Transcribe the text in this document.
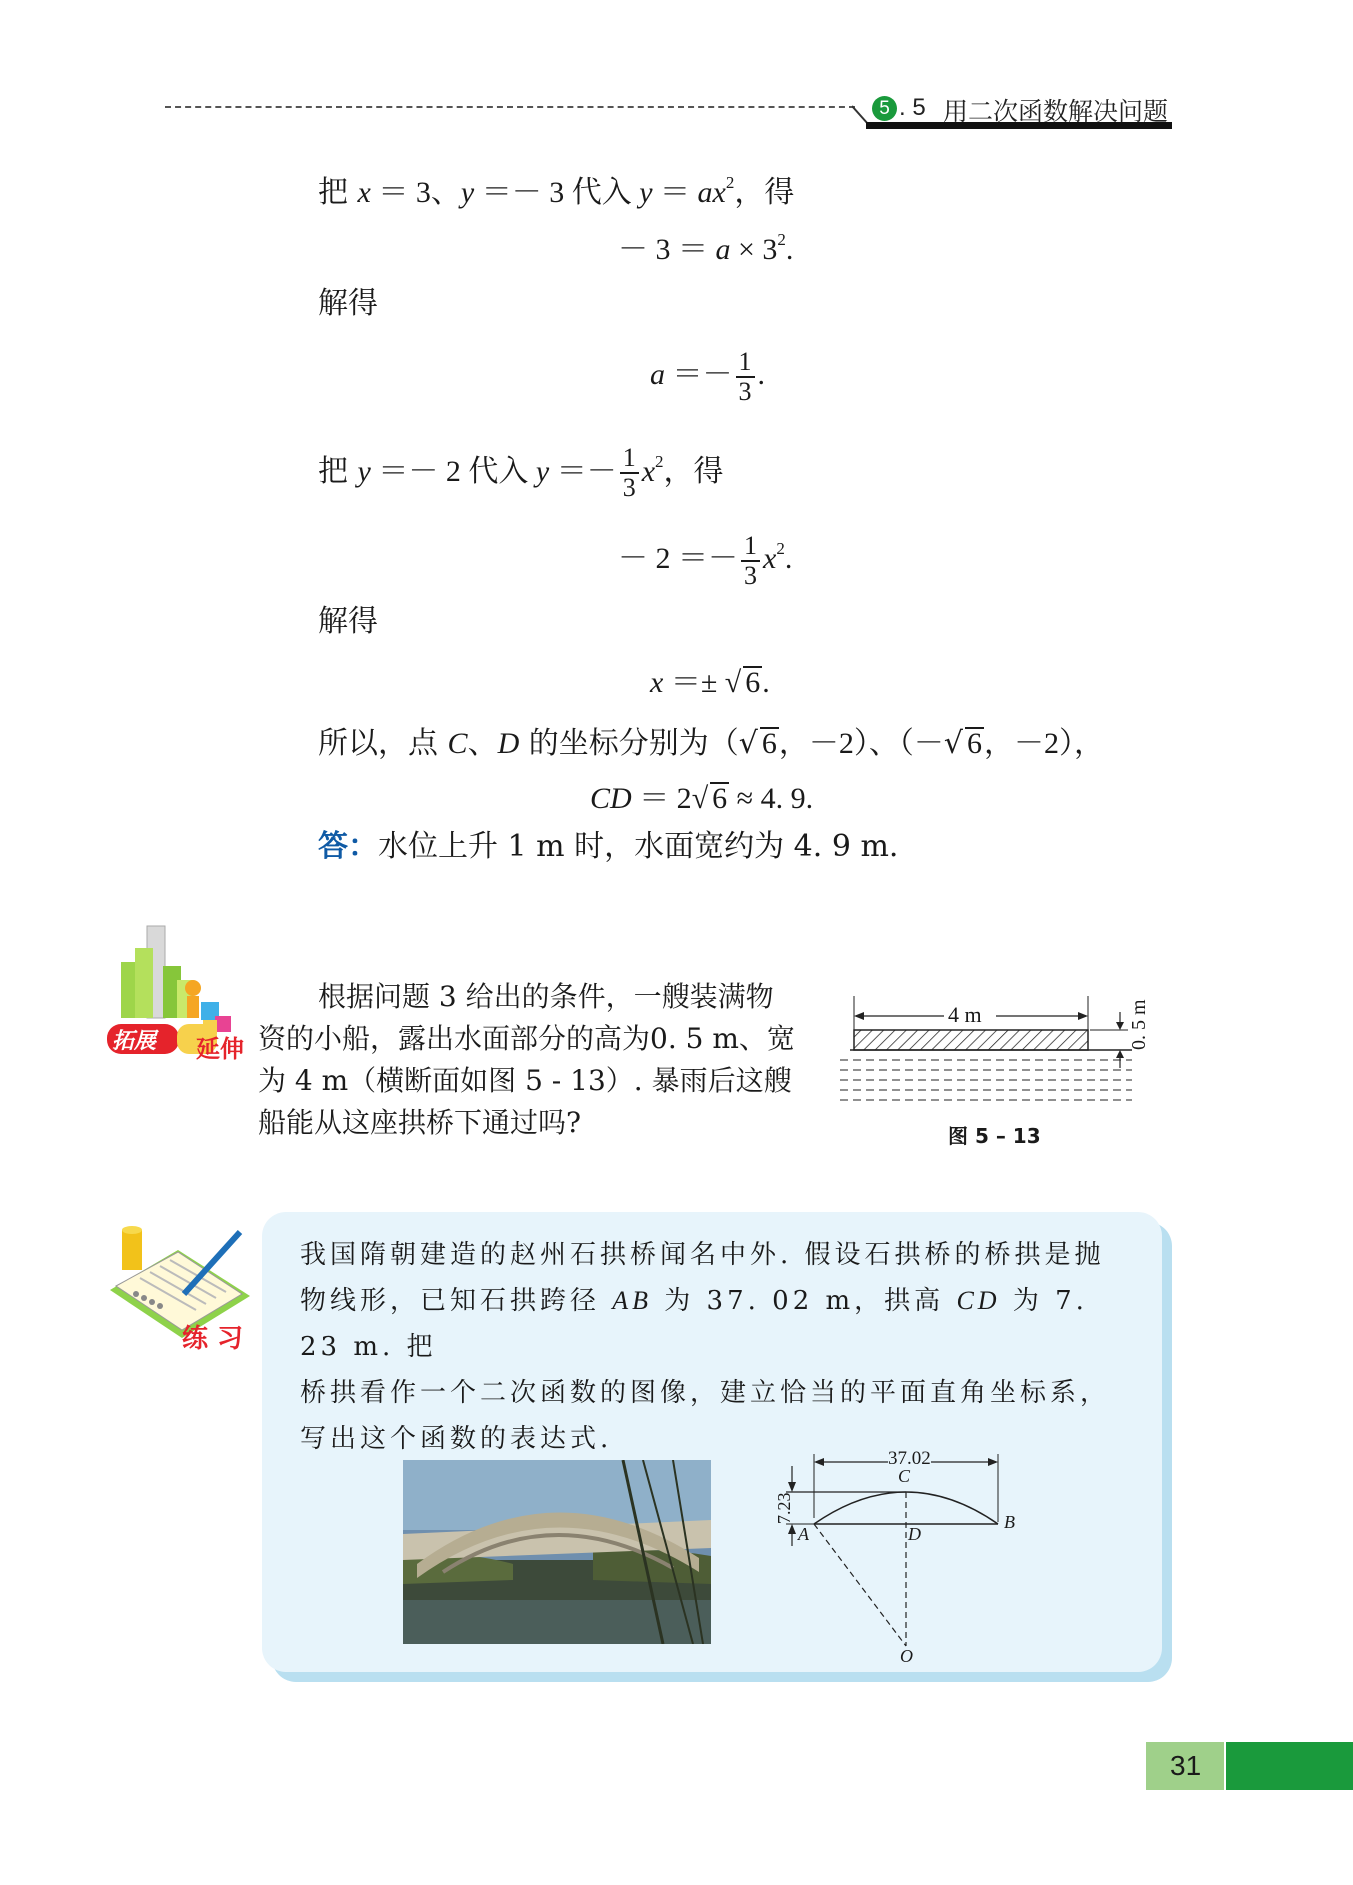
5 . 5 用二次函数解决问题
把 x ＝ 3、y ＝－ 3 代入 $y = ax^2$，得
－ $3 = a \times 3^2$.
解得
$a =- \frac{1}{3}$ .
把 y ＝－ 2 代入 $y =- \frac{1}{3} x^2$，得
－ $2 =- \frac{1}{3} x^2$.
解得
x ＝± √ 6.
所以，点 C、D 的坐标分别为（√ 6，－2）、（－√ 6，－2），
CD ＝ 2√ 6 ≈ 4. 9.
答：水位上升 1 m 时，水面宽约为 4. 9 m.
拓展 延伸
根据问题 3 给出的条件，一艘装满物
资的小船，露出水面部分的高为0. 5 m、宽
为 4 m（横断面如图 5 - 13）. 暴雨后这艘
船能从这座拱桥下通过吗?
4 m	0. 5 m
图 5 – 13
练 习
我国隋朝建造的赵州石拱桥闻名中外. 假设石拱桥的桥拱是抛
物线形，已知石拱跨径 AB 为 37. 02 m，拱高 CD 为 7. 23 m. 把
桥拱看作一个二次函数的图像，建立恰当的平面直角坐标系，
写出这个函数的表达式.
37.02
7.23
A
B
C
D
O
31
